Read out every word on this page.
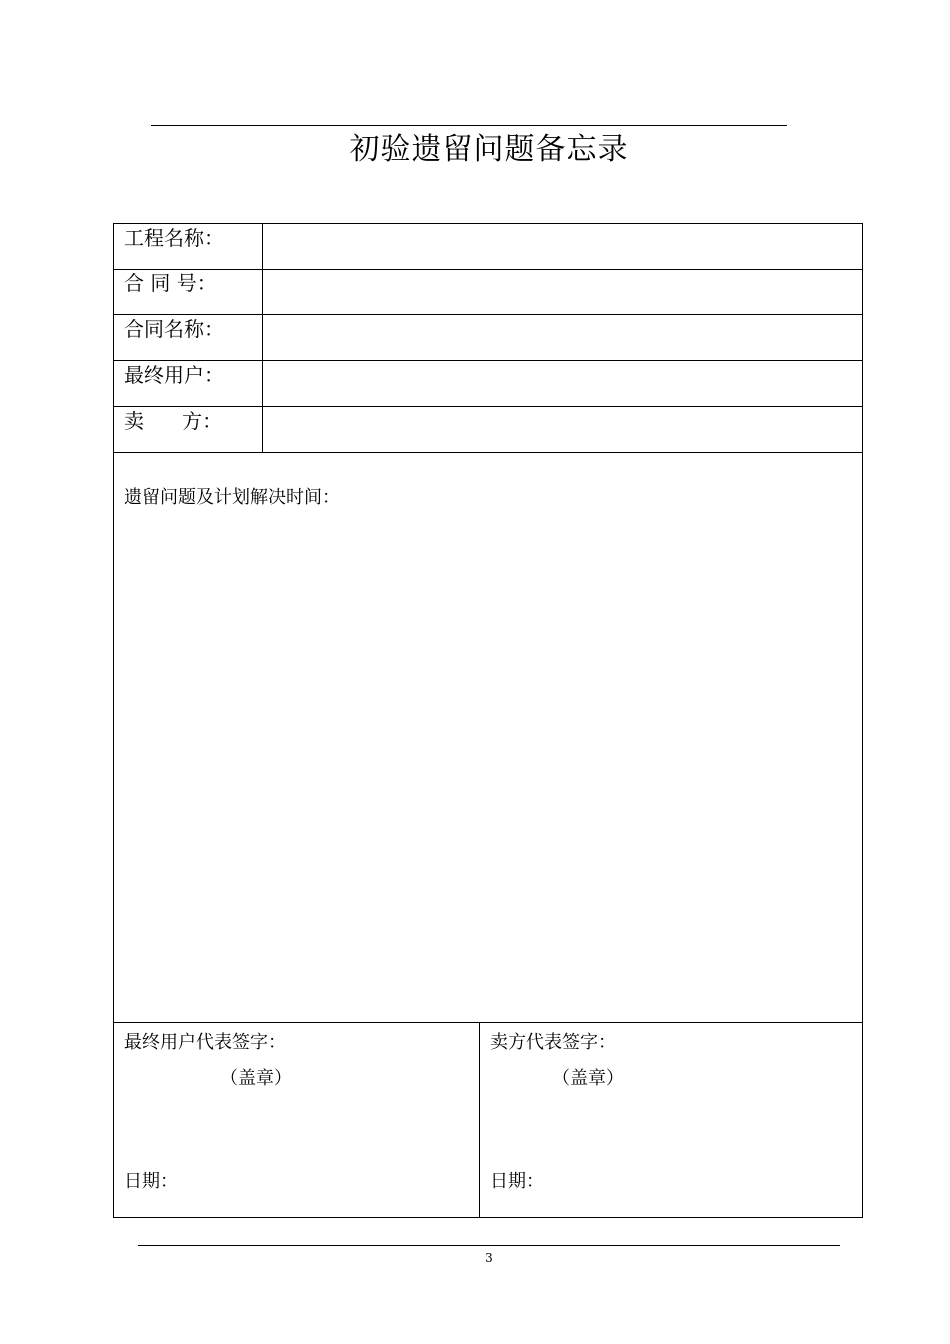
初验遗留问题备忘录
工程名称：
合 同 号：
合同名称：
最终用户：
卖      方：
遗留问题及计划解决时间：
最终用户代表签字：
（盖章）
日期：
卖方代表签字：
（盖章）
日期：
3
